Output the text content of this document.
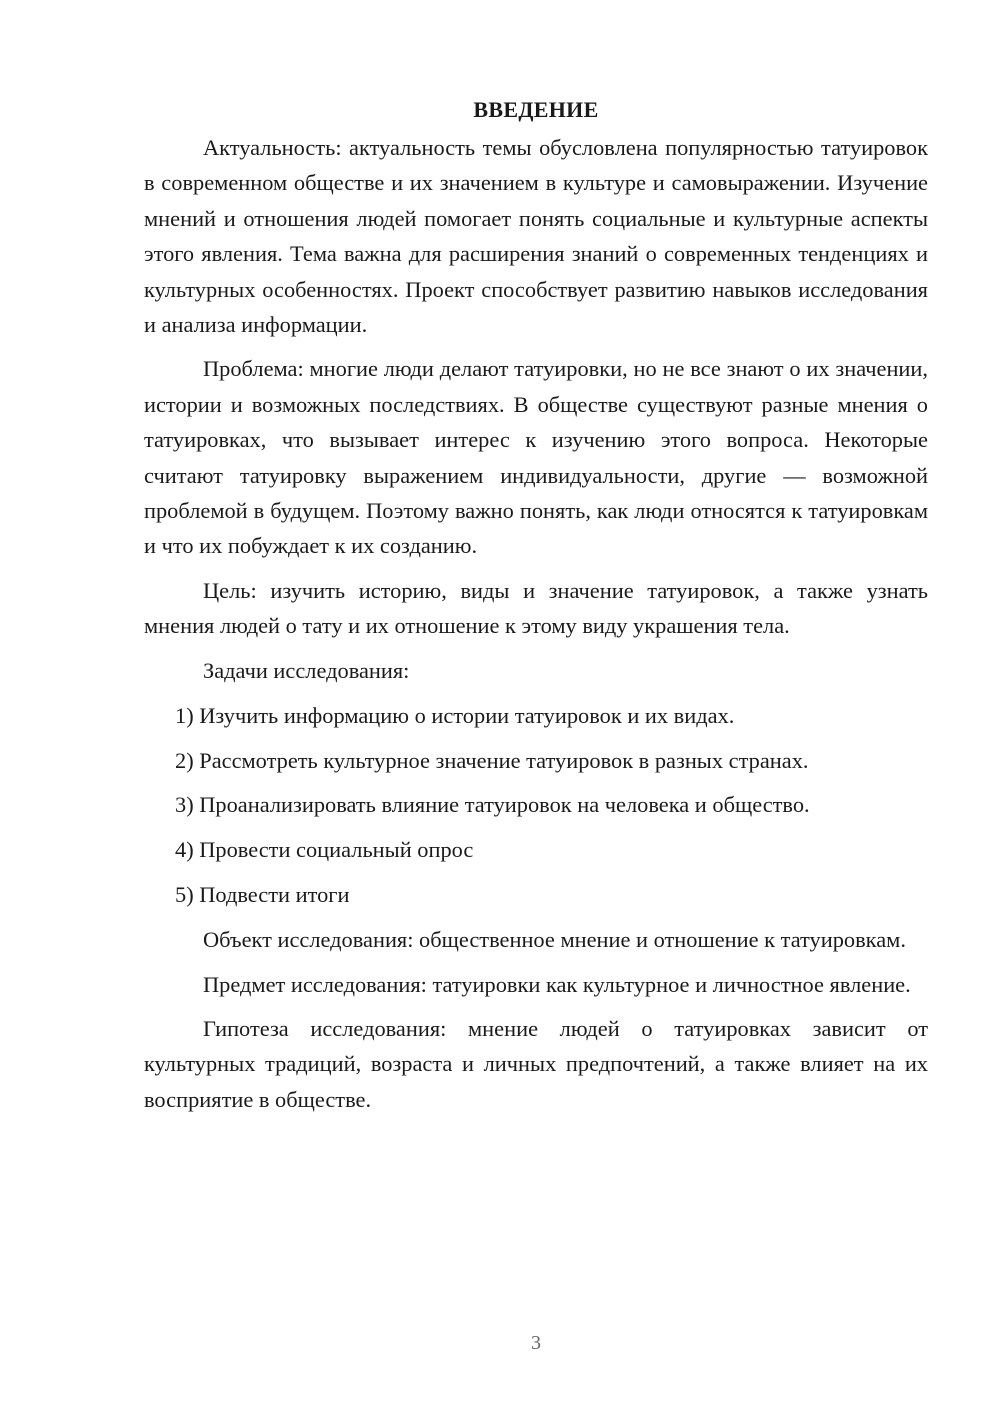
ВВЕДЕНИЕ

Актуальность: актуальность темы обусловлена популярностью татуировок в современном обществе и их значением в культуре и самовыражении. Изучение мнений и отношения людей помогает понять социальные и культурные аспекты этого явления. Тема важна для расширения знаний о современных тенденциях и культурных особенностях. Проект способствует развитию навыков исследования и анализа информации.

Проблема: многие люди делают татуировки, но не все знают о их значении, истории и возможных последствиях. В обществе существуют разные мнения о татуировках, что вызывает интерес к изучению этого вопроса. Некоторые считают татуировку выражением индивидуальности, другие — возможной проблемой в будущем. Поэтому важно понять, как люди относятся к татуировкам и что их побуждает к их созданию.

Цель: изучить историю, виды и значение татуировок, а также узнать мнения людей о тату и их отношение к этому виду украшения тела.

Задачи исследования:

1) Изучить информацию о истории татуировок и их видах.
2) Рассмотреть культурное значение татуировок в разных странах.
3) Проанализировать влияние татуировок на человека и общество.
4) Провести социальный опрос
5) Подвести итоги

Объект исследования: общественное мнение и отношение к татуировкам.

Предмет исследования: татуировки как культурное и личностное явление.

Гипотеза исследования: мнение людей о татуировках зависит от культурных традиций, возраста и личных предпочтений, а также влияет на их восприятие в обществе.

3
